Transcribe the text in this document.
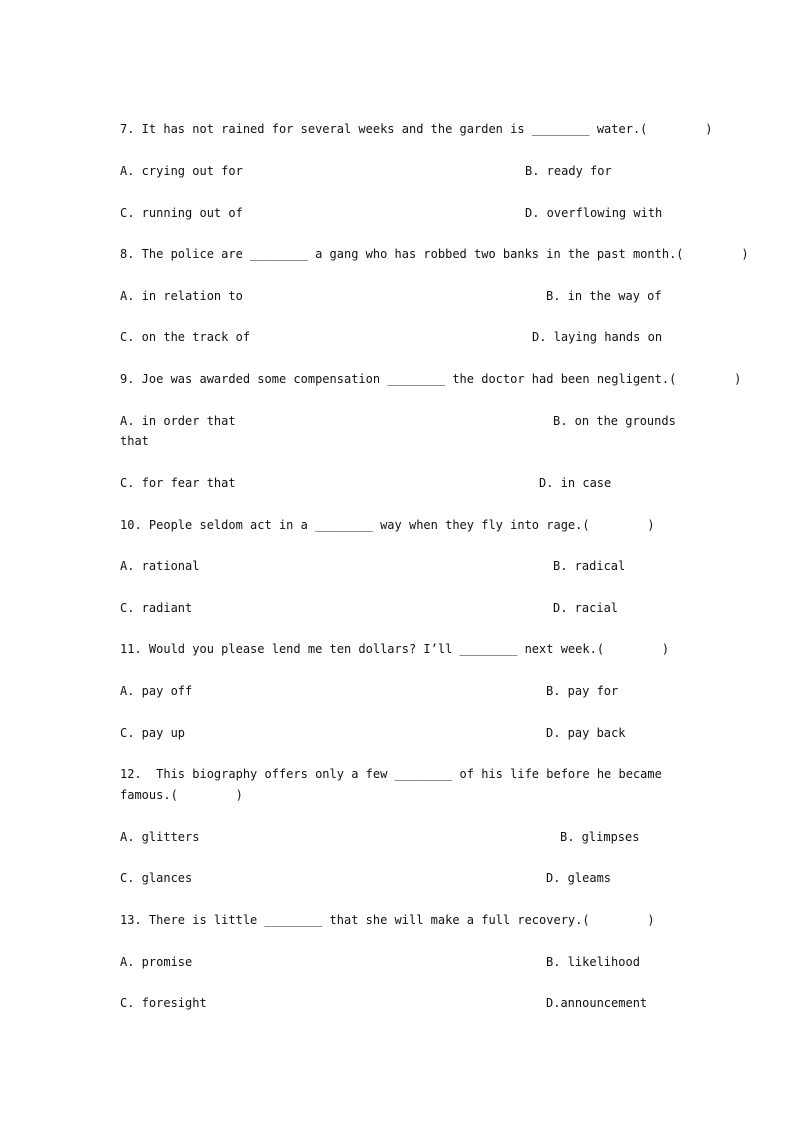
7. It has not rained for several weeks and the garden is ________ water.(        )
A. crying out for	B. ready for
C. running out of	D. overflowing with
8. The police are ________ a gang who has robbed two banks in the past month.(        )
A. in relation to	B. in the way of
C. on the track of	D. laying hands on
9. Joe was awarded some compensation ________ the doctor had been negligent.(        )
A. in order that	B. on the grounds
that
C. for fear that	D. in case
10. People seldom act in a ________ way when they fly into rage.(        )
A. rational	B. radical
C. radiant	D. racial
11. Would you please lend me ten dollars? I’ll ________ next week.(        )
A. pay off	B. pay for
C. pay up	D. pay back
12.  This biography offers only a few ________ of his life before he became
famous.(        )
A. glitters	B. glimpses
C. glances	D. gleams
13. There is little ________ that she will make a full recovery.(        )
A. promise	B. likelihood
C. foresight	D.announcement
